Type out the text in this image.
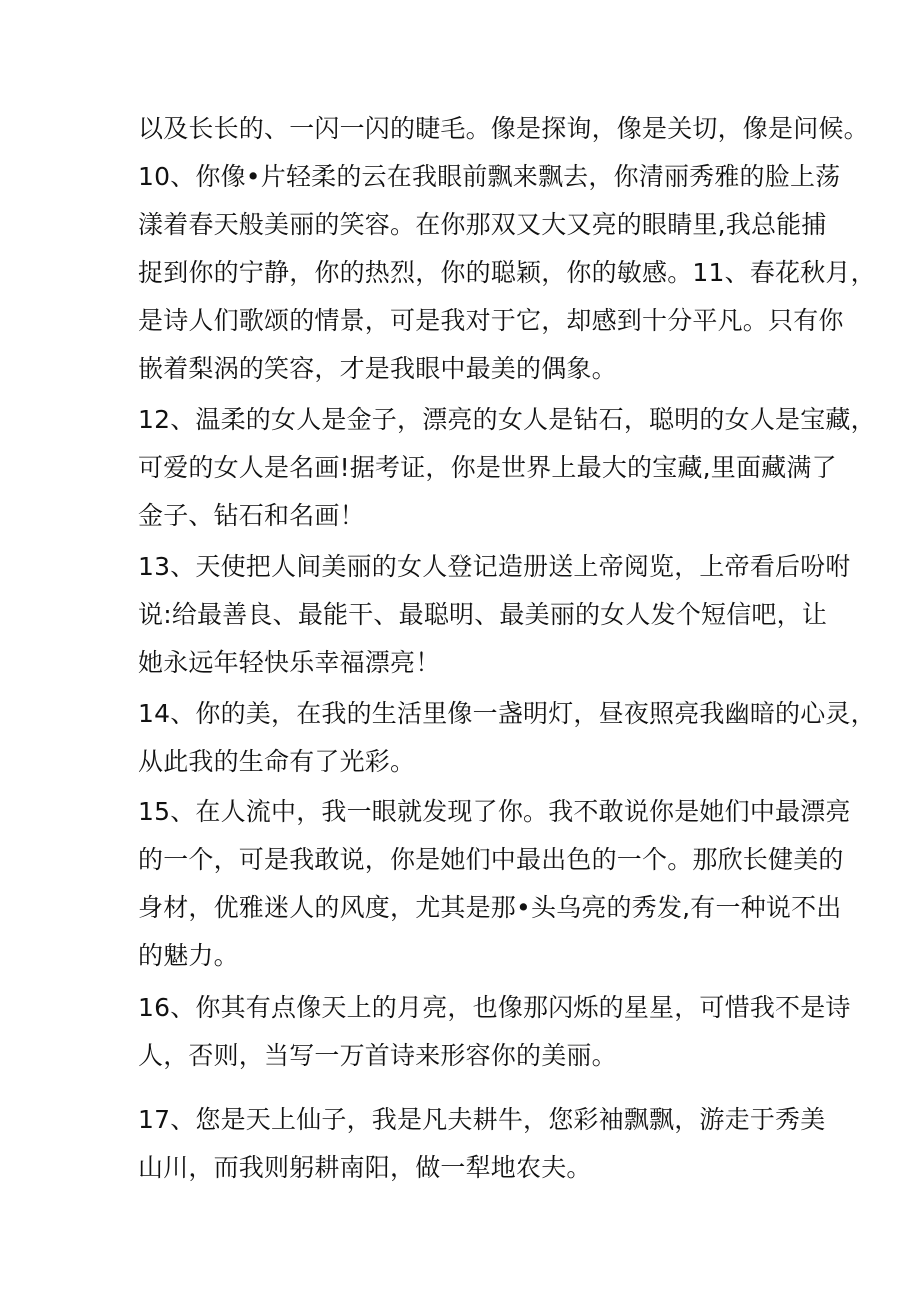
以及长长的、一闪一闪的睫毛。像是探询，像是关切，像是问候。
10、你像•片轻柔的云在我眼前飘来飘去，你清丽秀雅的脸上荡
漾着春天般美丽的笑容。在你那双又大又亮的眼睛里,我总能捕
捉到你的宁静，你的热烈，你的聪颖，你的敏感。11、春花秋月，
是诗人们歌颂的情景，可是我对于它，却感到十分平凡。只有你
嵌着梨涡的笑容，才是我眼中最美的偶象。
12、温柔的女人是金子，漂亮的女人是钻石，聪明的女人是宝藏，
可爱的女人是名画!据考证，你是世界上最大的宝藏,里面藏满了
金子、钻石和名画！
13、天使把人间美丽的女人登记造册送上帝阅览，上帝看后吩咐
说:给最善良、最能干、最聪明、最美丽的女人发个短信吧，让
她永远年轻快乐幸福漂亮！
14、你的美，在我的生活里像一盏明灯，昼夜照亮我幽暗的心灵，
从此我的生命有了光彩。
15、在人流中，我一眼就发现了你。我不敢说你是她们中最漂亮
的一个，可是我敢说，你是她们中最出色的一个。那欣长健美的
身材，优雅迷人的风度，尤其是那•头乌亮的秀发,有一种说不出
的魅力。
16、你其有点像天上的月亮，也像那闪烁的星星，可惜我不是诗
人，否则，当写一万首诗来形容你的美丽。
17、您是天上仙子，我是凡夫耕牛，您彩袖飘飘，游走于秀美
山川，而我则躬耕南阳，做一犁地农夫。
